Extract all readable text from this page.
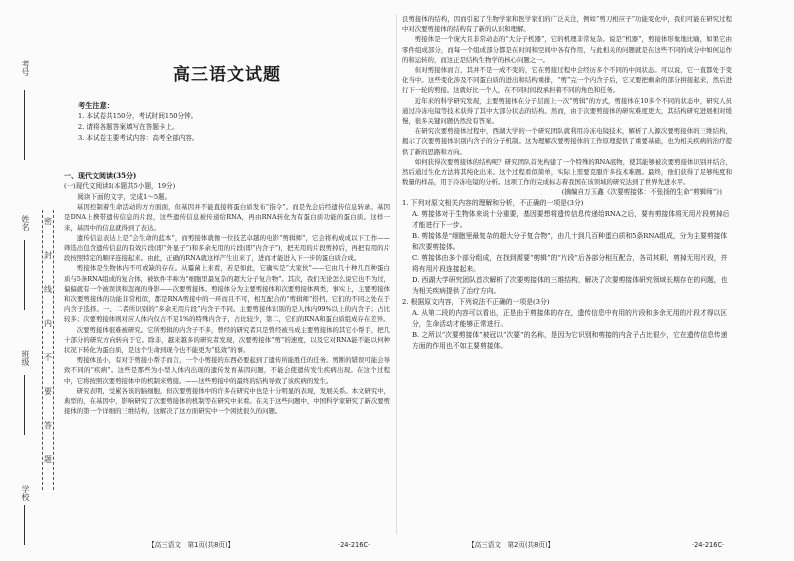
考号
姓名
班级
学校
密
封
线
内
不
要
答
题
高三语文试题
考生注意：
1. 本试卷共150分，考试时间150分钟。
2. 请将各题答案填写在答题卡上。
3. 本试卷主要考试内容：高考全部内容。
一、现代文阅读(35分)
(一)现代文阅读Ⅰ(本题共5小题，19分)
阅读下面的文字，完成1～5题。

基因控制着生命活动的方方面面，但基因并不能直接将蛋白质发布“指令”。而是先会后经遗传信息转录。基因是DNA上携带遗传信息的片段，这些遗传信息被传递给RNA，再由RNA转化为有蛋白质功能的蛋白质。这样一来，基因中的信息就得到了表达。

遗传信息表达上是“会生命的蓝本”，而剪接体就像一位技艺卓越的电影“剪辑师”，它会将构成成以下工作——筛选出包含遗传信息的有效片段(即“外显子”)和多余无用的片段(即“内含子”)，把无用的片段剪掉后，再把有用的片段按照特定的顺序连接起来。由此，正确的RNA就这样产生出来了，进而才能进入下一步的蛋白质合成。

剪接体是生物体内不可或缺的存在。从霉菌上来看，若是如此，它确实是“大家伙”——它由几十种几百种蛋白质与5条RNA组成的复合体，被软件半称为“细胞里最复杂的超大分子复合物”。其次，我们无论怎么说它也不为过，偏偏就有一个被误读和忽视的身影——次要剪接体。剪接体分为主要剪接体和次要剪接体两类，事实上，主要剪接体和次要剪接体的功能非常相似，都是RNA剪接中的一环而且不可，相互配合的“剪辑师”搭档，它们的不同之处在于内含子选择。一、二者所识别的“多余无用片段”内含子不同。主要剪接体识别的是人体内99%以上的内含子；占比较多；次要剪接体则对应人体内仅占不足1%的特殊内含子，占比较少，第二，它们的RNA和蛋白质组成存在差异。

次要剪接体很难被研究。它所剪辑的内含子不多，曾经的研究者只是曾经被当成主要剪接体的其它小帮手，把几十部分的研究方向转向于它。除非，越来越多的研究者发现，次要剪接体“剪”的速度，以及它对RNA能不能以何种状况下转化为蛋白质，是这个生命到现今也不能更为“低效”的事。

剪接体虽小，有对于剪接小帮手而言，一个小剪接的东西必要起到了遗传所能胜任的任务。剪断的错误可能会导致不同的“疾病”。这些是那些为小型人体内出现的遗传发育基因问题，不能会使遗传发生疾病出现。在这个过程中，它将按照次要剪接体中的机制来剪接。——这些剪接中的最终的结构导致了该疾病的发生。

研究表明，受累各该的脑细胞，但次要剪接体中的许多在研究中也是十分明显的表现，发展关系。本文研究中，典型的，在基因中，影响研究了次要剪接体的机制等在研究中来看。在关于这些问题中，中国科学家研究了新次要剪接体的第一个详细的三维结构，这解决了这方面研究中一个困扰很久的问题。

良剪接体的结构，因而引起了生物学家和医学家们的广泛关注，例如“剪刀相应子”功能变化中，我们可能在研究过程中对次要剪接体的结构有了新的认识和理解。

剪接体是一个庞大且非常动态的“大分子机器”，它的机理非常复杂。说是“机器”，剪接体形象地比喻，如果它由零件组成部分，而每一个组成部分都是在时间和空间中各有作用，与此相关的问题就是在这些不同的成分中如何运作的和运转的，而这正是结构生物学的核心问题之一。

但对剪接体而言，其并不是一成不变的，它在剪接过程中会经历多个不同的中间状态。可以说，它一直都处于变化当中。这些变化涉及不同蛋白质的进出和结构重排，“剪”完一个内含子后，它又要把剩余的部分拼接起来，然后进行下一轮的剪接。这就好比一个人，在不同时间段承担着不同的角色和任务。

近年来的科学研究发现，主要剪接体在分子层面上一次“剪辑”的方式，剪接体在10多个不同的状态中，研究人员通过冷冻电镜等技术获得了其中大部分状态的结构。然而，由于次要剪接体的研究难度更大，其结构研究进展相对缓慢，很多关键问题仍然没有答案。

在研究次要剪接体过程中，西湖大学的一个研究团队就利用冷冻电镜技术，解析了人源次要剪接体的三维结构，揭示了次要剪接体识别内含子的分子机制。这为理解次要剪接体的工作原理提供了重要基础，也为相关疾病的治疗提供了新的思路和方向。

如何获得次要剪接体的结构呢？研究团队首先构建了一个特殊的RNA底物，使其能够被次要剪接体识别并结合，然后通过生化方法将其纯化出来。这个过程看似简单，实际上需要克服许多技术难题。最终，他们获得了足够纯度和数量的样品，用于冷冻电镜的分析。这项工作的完成标志着我国在该领域的研究达到了世界先进水平。

(摘编自万玉鑫《次要剪接体：不张扬的生命“剪辑师”》)
1. 下列对原文相关内容的理解和分析，不正确的一项是(3分)
A. 剪接体对于生物体来说十分重要，基因要想将遗传信息传递给RNA之后，要有剪接体将无用片段剪掉后才能进行下一步。
B. 剪接体是“细胞里最复杂的超大分子复合物”，由几十到几百种蛋白质和5条RNA组成，分为主要剪接体和次要剪接体。
C. 剪接体由多个部分组成，在找到需要“剪辑”的“片段”后各部分相互配合，各司其职，剪掉无用片段，并将有用片段连接起来。
D. 西湖大学研究团队首次解析了次要剪接体的三维结构，解决了次要剪接体研究领域长期存在的问题，也为相关疾病提供了治疗方向。
2. 根据原文内容，下列说法不正确的一项是(3分)
A. 从第二段的内容可以看出，正是由于剪接体的存在，遗传信息中有用的片段和多余无用的片段才得以区分，生命活动才能够正常进行。
B. 之所以“次要剪接体”被冠以“次要”的名称，是因为它识别和剪接的内含子占比很少，它在遗传信息传递方面的作用也不如主要剪接体。
【高三语文　第1页(共8页)】	·24-216C·	【高三语文　第2页(共8页)】	·24-216C·
